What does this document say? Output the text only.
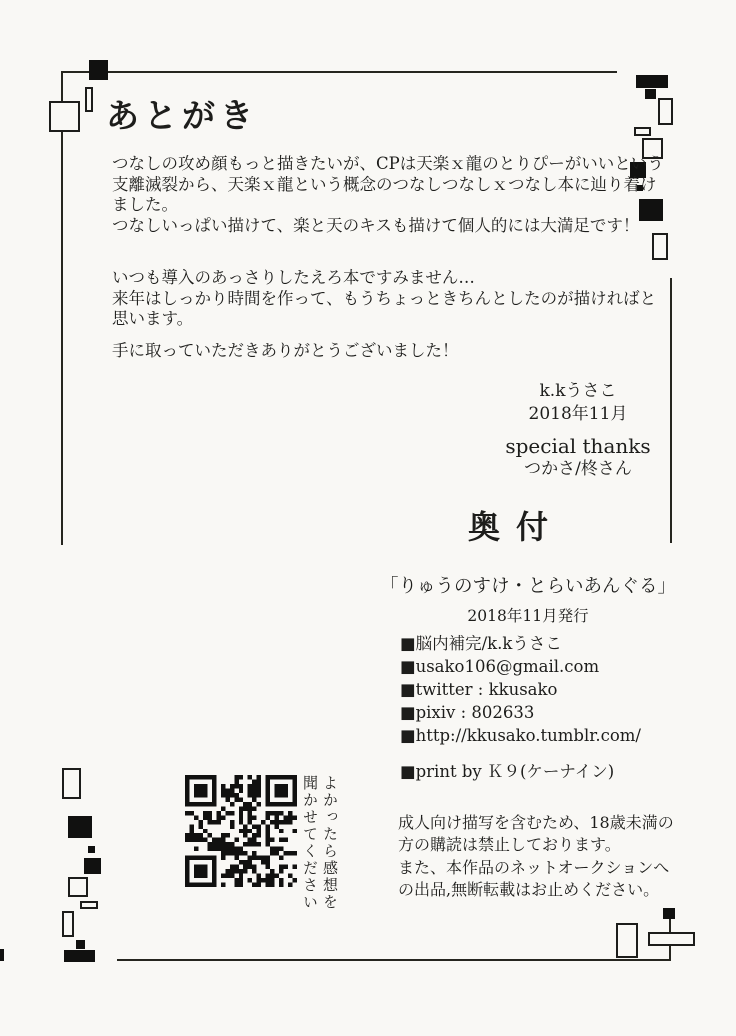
あとがき
つなしの攻め顔もっと描きたいが、CPは天楽ｘ龍のとりぴーがいいという
支離滅裂から、天楽ｘ龍という概念のつなしつなしｘつなし本に辿り着け
ました。
つなしいっぱい描けて、楽と天のキスも描けて個人的には大満足です！
いつも導入のあっさりしたえろ本ですみません…
来年はしっかり時間を作って、もうちょっときちんとしたのが描ければと
思います。
手に取っていただきありがとうございました！
k.kうさこ
2018年11月
special thanks
つかさ/柊さん
奥付
「りゅうのすけ・とらいあんぐる」
2018年11月発行
■脳内補完/k.kうさこ
■usako106@gmail.com
■twitter : kkusako
■pixiv : 802633
■http://kkusako.tumblr.com/
■print by Ｋ９(ケーナイン)
成人向け描写を含むため、18歳未満の
方の購読は禁止しております。
また、本作品のネットオークションへ
の出品,無断転載はお止めください。
よかったら感想を
聞かせてください
